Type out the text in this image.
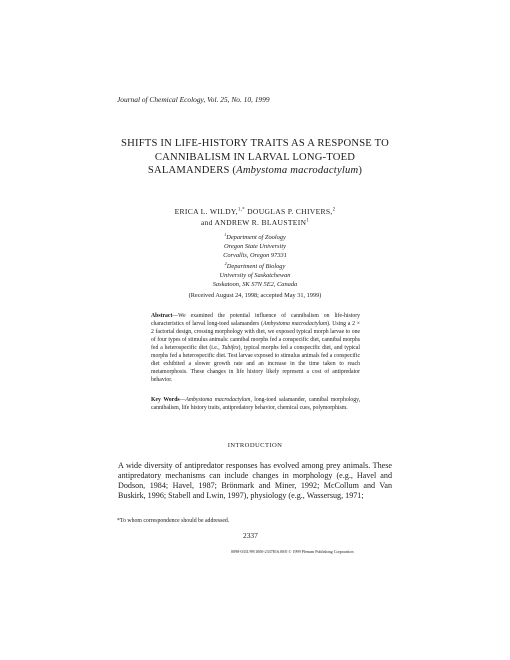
Journal of Chemical Ecology, Vol. 25, No. 10, 1999
SHIFTS IN LIFE-HISTORY TRAITS AS A RESPONSE TO
CANNIBALISM IN LARVAL LONG-TOED
SALAMANDERS (Ambystoma macrodactylum)
ERICA L. WILDY,$^{1,*}$ DOUGLAS P. CHIVERS,$^2$
and ANDREW R. BLAUSTEIN$^1$
$^1$Department of Zoology
Oregon State University
Corvallis, Oregon 97331
$^2$Department of Biology
University of Saskatchewan
Saskatoon, SK S7N 5E2, Canada
(Received August 24, 1998; accepted May 31, 1999)
Abstract—We examined the potential influence of cannibalism on life-history characteristics of larval long-toed salamanders (Ambystoma macrodactylum). Using a 2 × 2 factorial design, crossing morphology with diet, we exposed typical morph larvae to one of four types of stimulus animals: cannibal morphs fed a conspecific diet, cannibal morphs fed a heterospecific diet (i.e., Tubifex), typical morphs fed a conspecific diet, and typical morphs fed a heterospecific diet. Test larvae exposed to stimulus animals fed a conspecific diet exhibited a slower growth rate and an increase in the time taken to reach metamorphosis. These changes in life history likely represent a cost of antipredator behavior.
Key Words—Ambystoma macrodactylum, long-toed salamander, cannibal morphology, cannibalism, life history traits, antipredatory behavior, chemical cues, polymorphism.
INTRODUCTION
A wide diversity of antipredator responses has evolved among prey animals. These antipredatory mechanisms can include changes in morphology (e.g., Havel and Dodson, 1984; Havel, 1987; Brönmark and Miner, 1992; McCollum and Van Buskirk, 1996; Stabell and Lwin, 1997), physiology (e.g., Wassersug, 1971;
*To whom correspondence should be addressed.
2337
0098-0331/99/1000-2337$16.00/0 © 1999 Plenum Publishing Corporation
